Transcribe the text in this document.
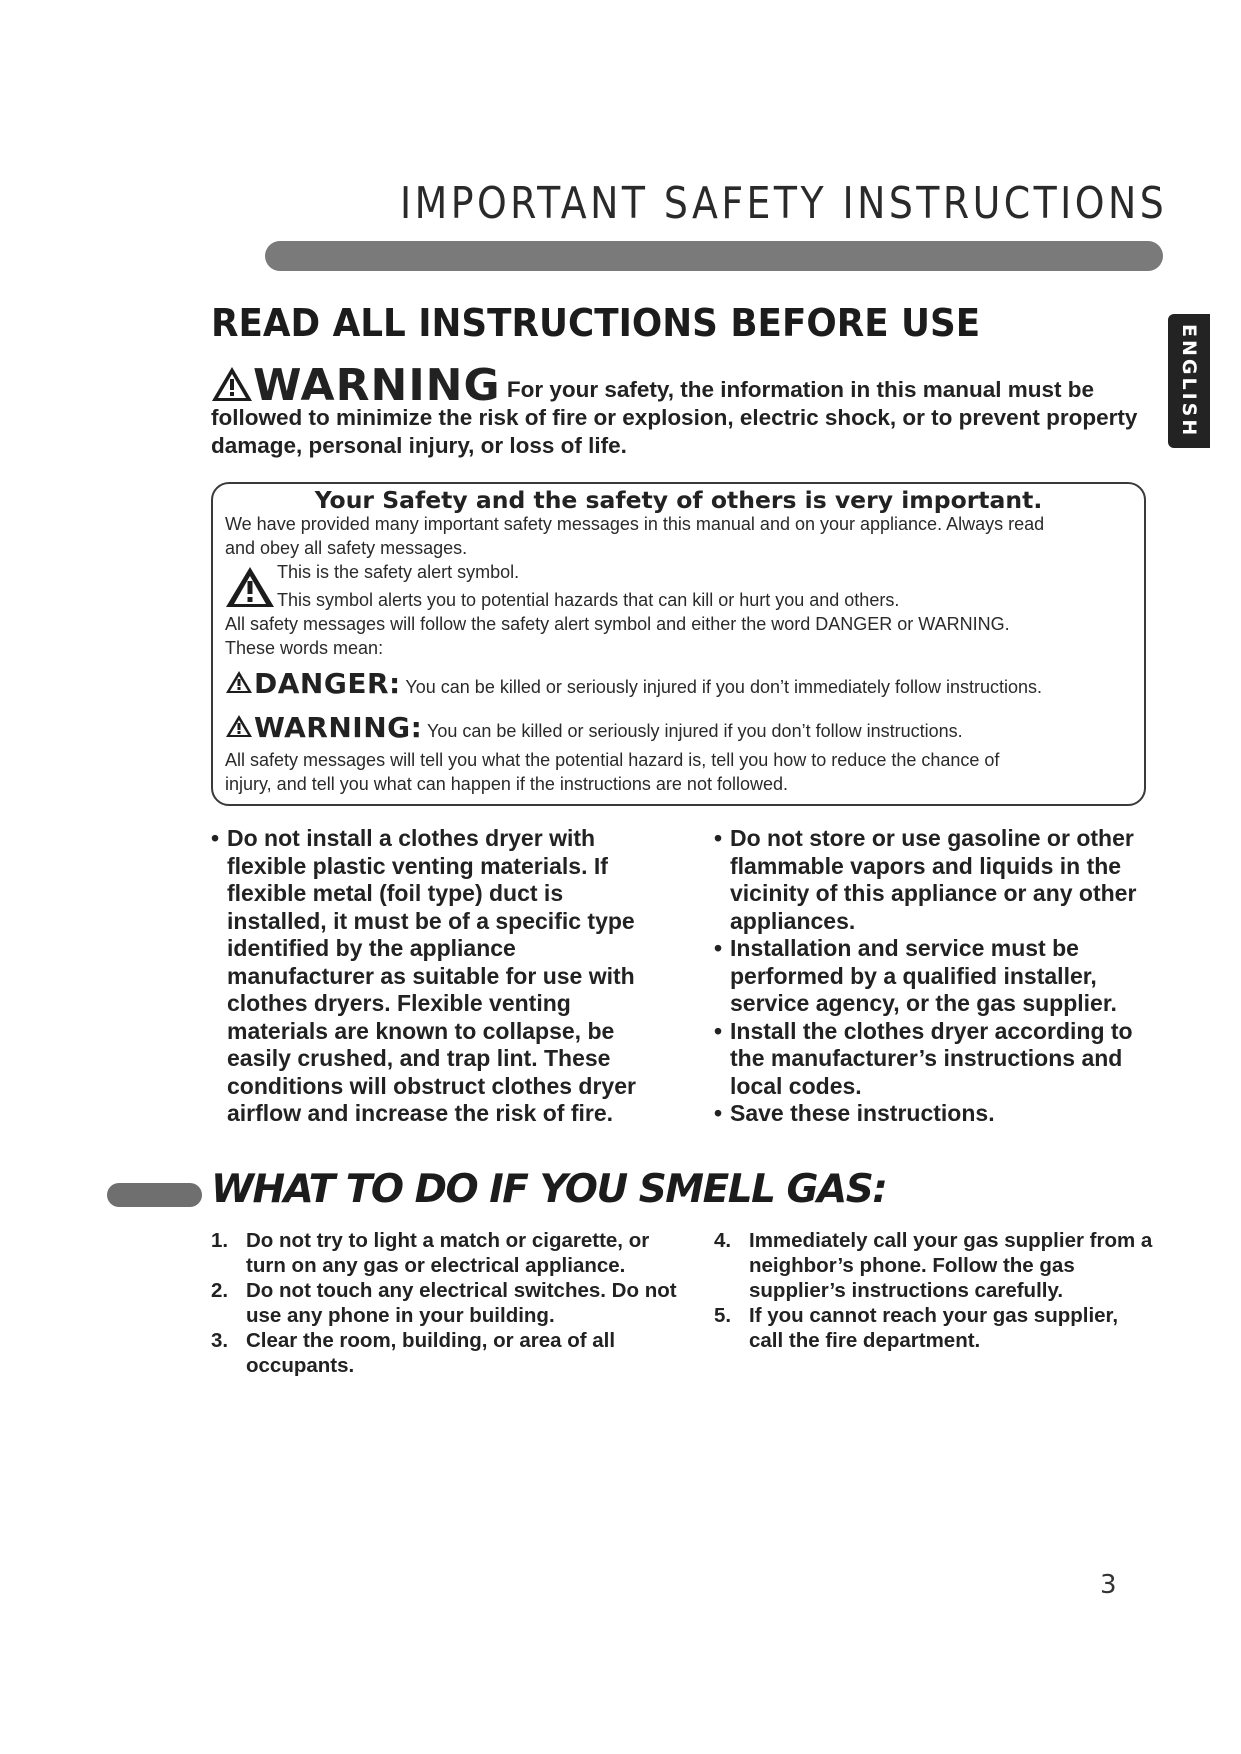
IMPORTANT SAFETY INSTRUCTIONS
ENGLISH
READ ALL INSTRUCTIONS BEFORE USE
WARNING For your safety, the information in this manual must be followed to minimize the risk of fire or explosion, electric shock, or to prevent property damage, personal injury, or loss of life.
Your Safety and the safety of others is very important.
We have provided many important safety messages in this manual and on your appliance. Always read
and obey all safety messages.
This is the safety alert symbol.
This symbol alerts you to potential hazards that can kill or hurt you and others.
All safety messages will follow the safety alert symbol and either the word DANGER or WARNING.
These words mean:
DANGER: You can be killed or seriously injured if you don’t immediately follow instructions.
WARNING: You can be killed or seriously injured if you don’t follow instructions.
All safety messages will tell you what the potential hazard is, tell you how to reduce the chance of
injury, and tell you what can happen if the instructions are not followed.

• Do not install a clothes dryer with flexible plastic venting materials. If flexible metal (foil type) duct is installed, it must be of a specific type identified by the appliance manufacturer as suitable for use with clothes dryers. Flexible venting materials are known to collapse, be easily crushed, and trap lint. These conditions will obstruct clothes dryer airflow and increase the risk of fire.

• Do not store or use gasoline or other flammable vapors and liquids in the vicinity of this appliance or any other appliances.

• Installation and service must be performed by a qualified installer, service agency, or the gas supplier.

• Install the clothes dryer according to the manufacturer’s instructions and local codes.

• Save these instructions.

WHAT TO DO IF YOU SMELL GAS:

1. Do not try to light a match or cigarette, or turn on any gas or electrical appliance.

2. Do not touch any electrical switches. Do not use any phone in your building.

3. Clear the room, building, or area of all occupants.

4. Immediately call your gas supplier from a neighbor’s phone. Follow the gas supplier’s instructions carefully.

5. If you cannot reach your gas supplier, call the fire department.

3
